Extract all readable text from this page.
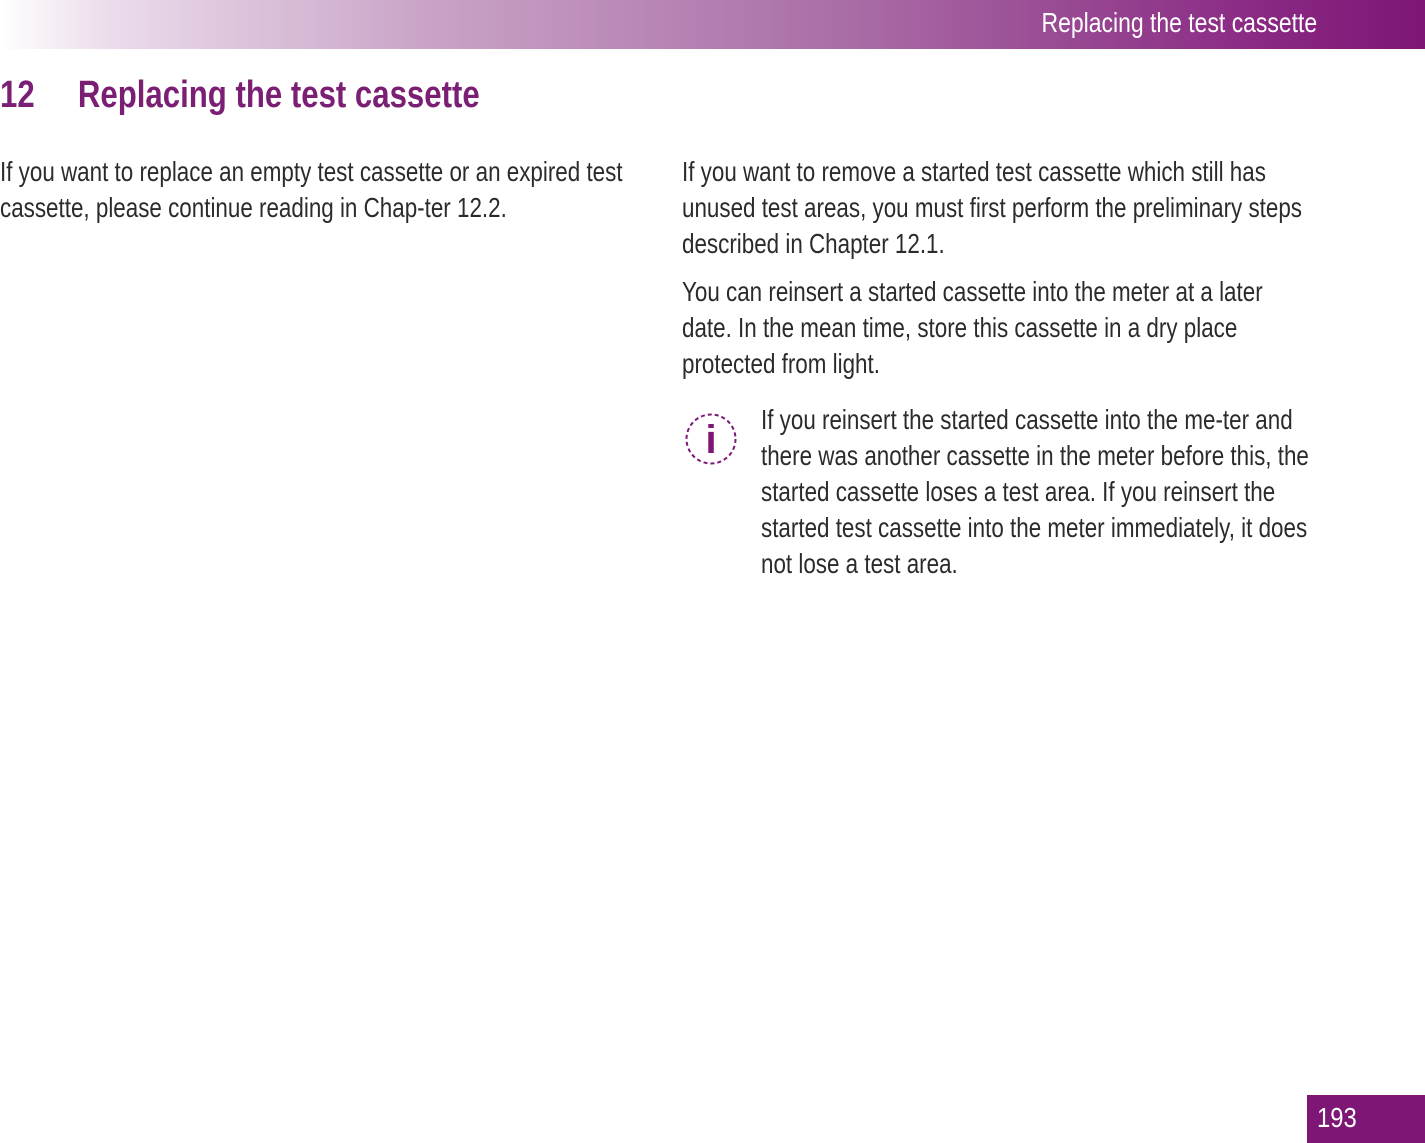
Replacing the test cassette
12 Replacing the test cassette

If you want to replace an empty test cassette or an expired test cassette, please continue reading in Chap-ter 12.2.

If you want to remove a started test cassette which still has unused test areas, you must first perform the preliminary steps described in Chapter 12.1.

You can reinsert a started cassette into the meter at a later date. In the mean time, store this cassette in a dry place protected from light.

i If you reinsert the started cassette into the me-ter and there was another cassette in the meter before this, the started cassette loses a test area. If you reinsert the started test cassette into the meter immediately, it does not lose a test area.

193
